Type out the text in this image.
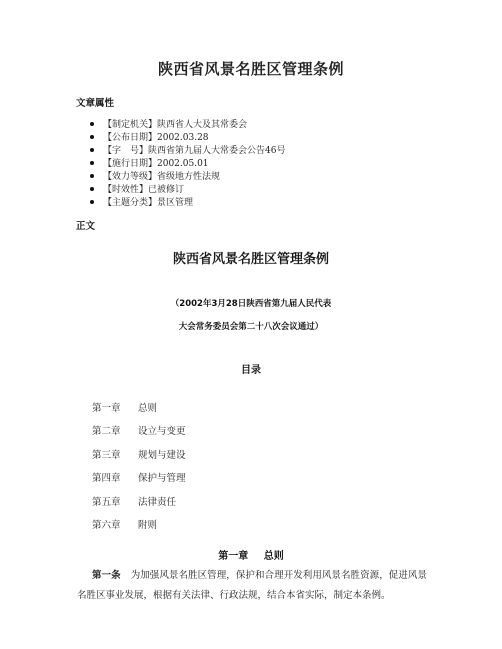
陕西省风景名胜区管理条例
文章属性
【制定机关】陕西省人大及其常委会
【公布日期】2002.03.28
【字　号】陕西省第九届人大常委会公告46号
【施行日期】2002.05.01
【效力等级】省级地方性法规
【时效性】已被修订
【主题分类】景区管理
正文
陕西省风景名胜区管理条例
（2002年3月28日陕西省第九届人民代表
大会常务委员会第二十八次会议通过）
目录
第一章 总则
第二章 设立与变更
第三章 规划与建设
第四章 保护与管理
第五章 法律责任
第六章 附则
第一章 总则

第一条 为加强风景名胜区管理，保护和合理开发利用风景名胜资源，促进风景名胜区事业发展，根据有关法律、行政法规，结合本省实际，制定本条例。
